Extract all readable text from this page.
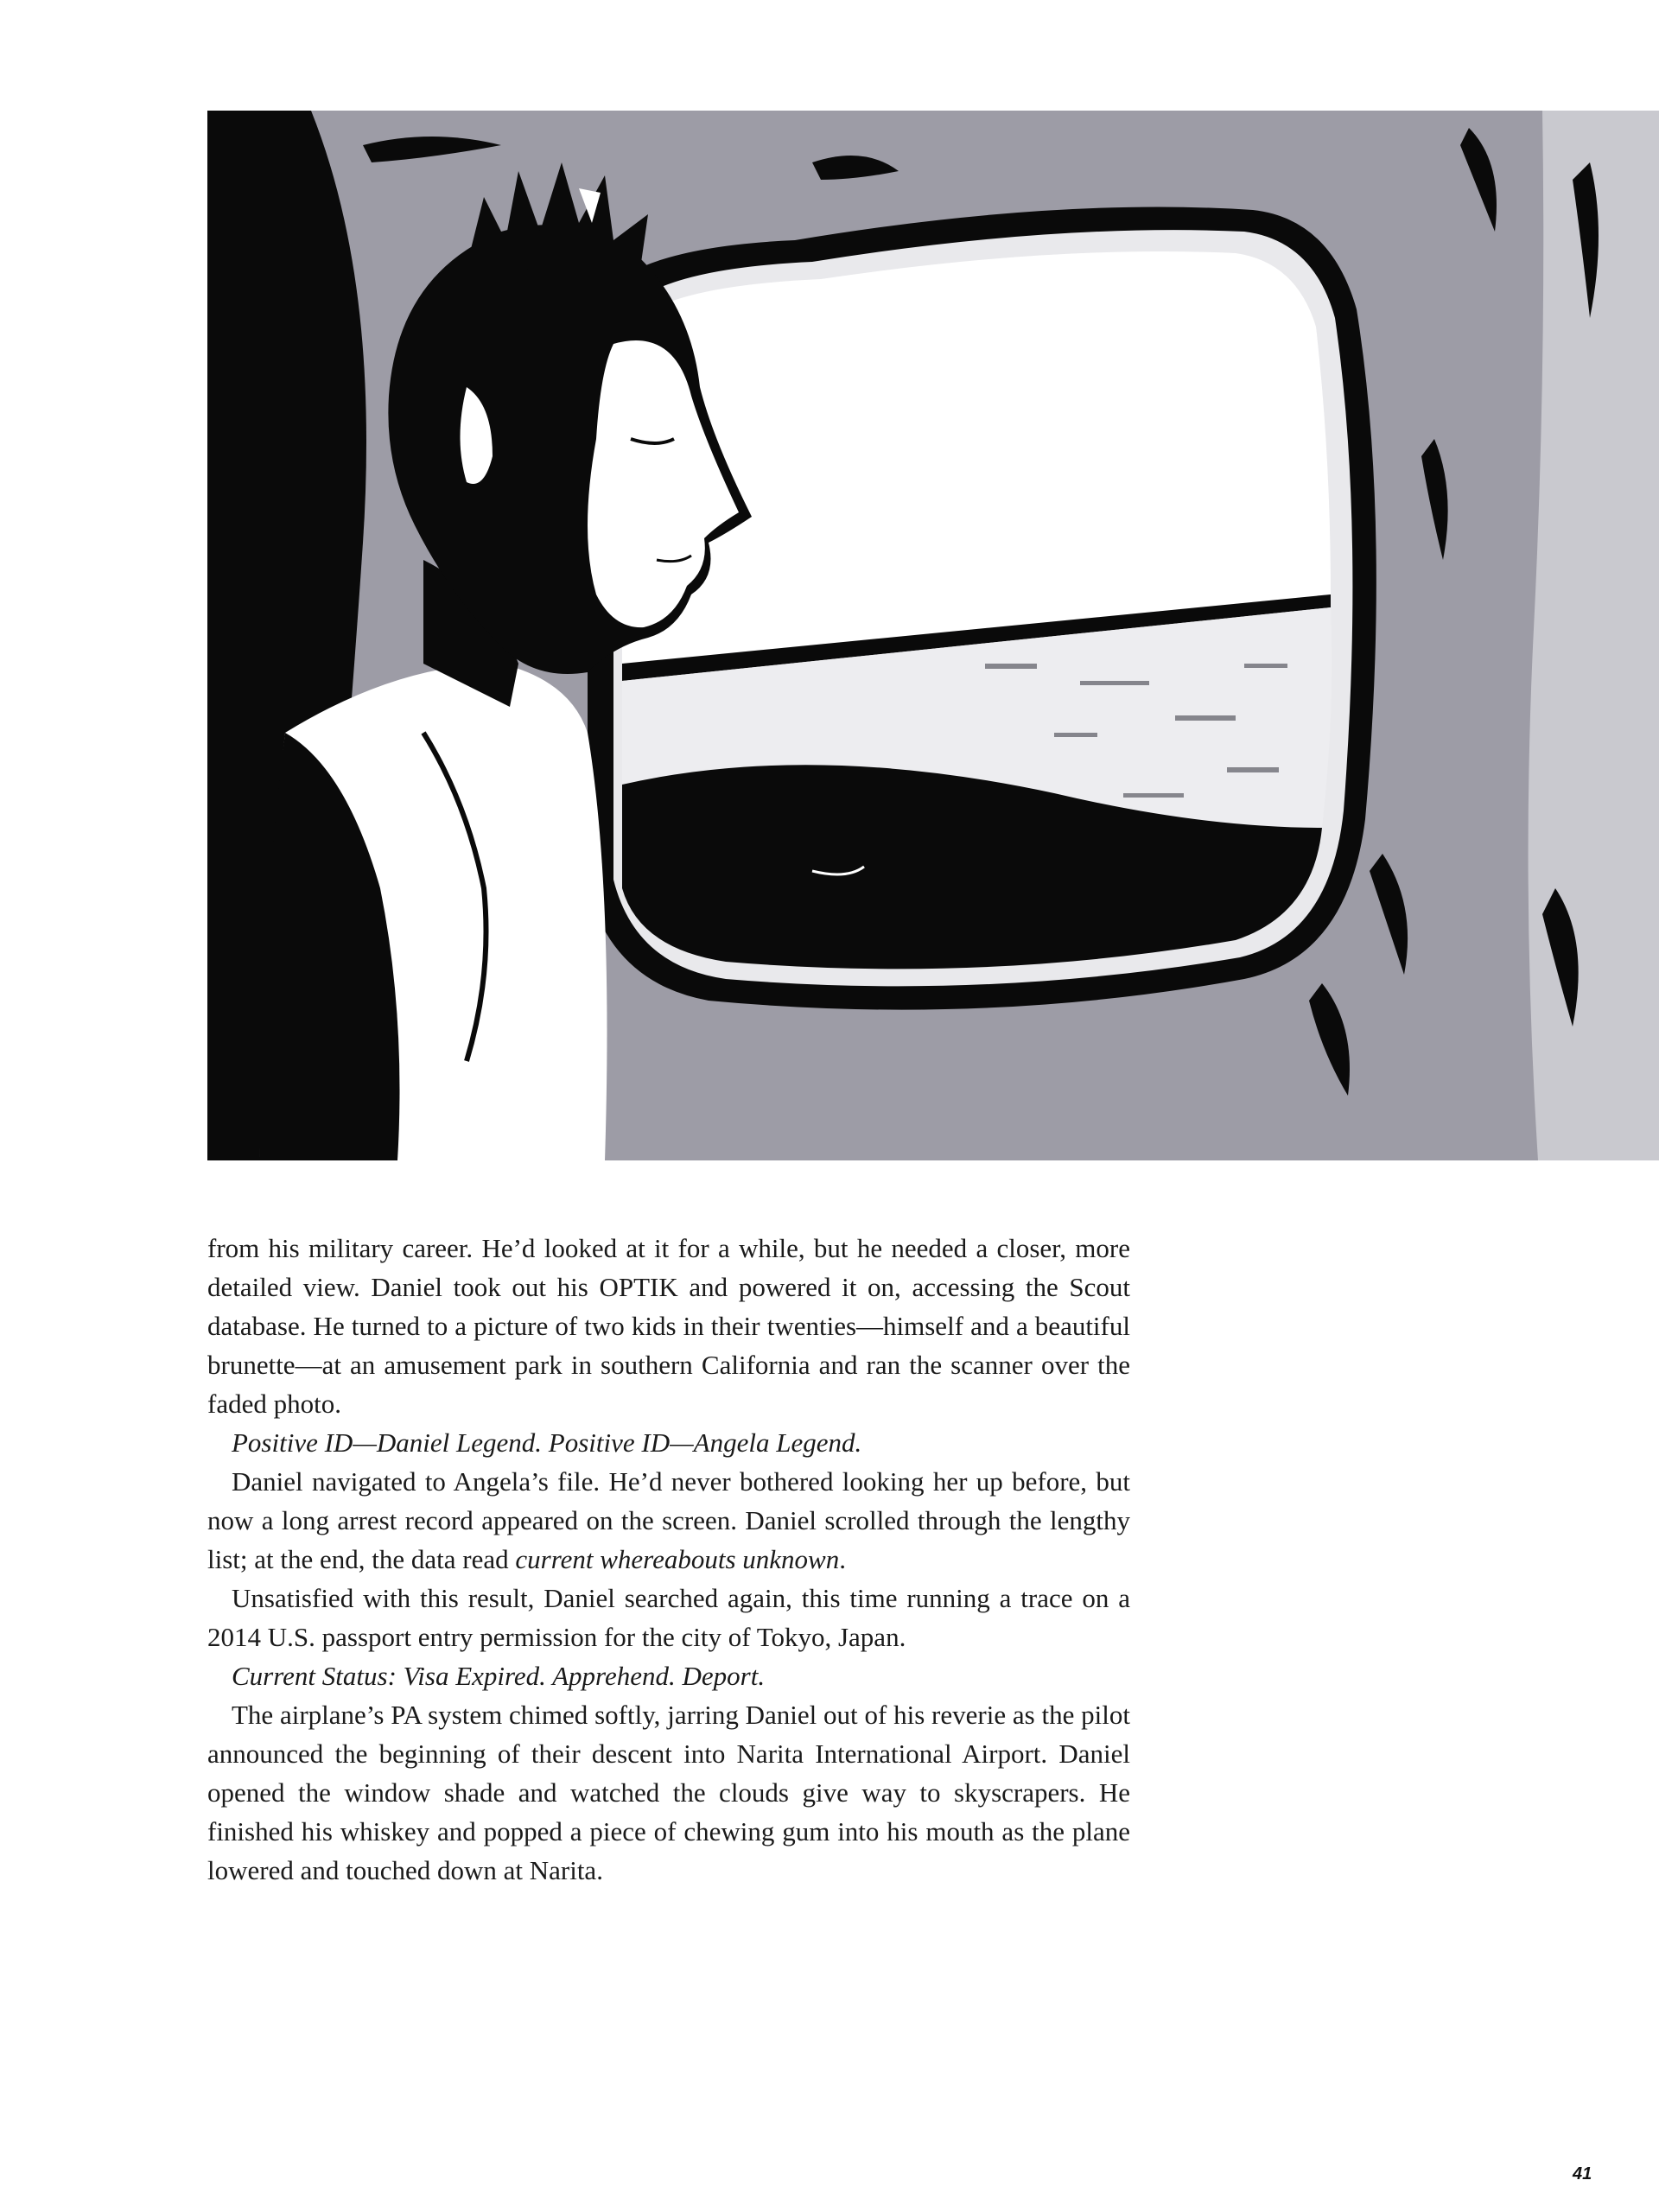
from his military career. He’d looked at it for a while, but he needed a closer, more detailed view. Daniel took out his OPTIK and powered it on, accessing the Scout database. He turned to a picture of two kids in their twenties—himself and a beautiful brunette—at an amusement park in southern California and ran the scanner over the faded photo.

Positive ID—Daniel Legend. Positive ID—Angela Legend.

Daniel navigated to Angela’s file. He’d never bothered looking her up before, but now a long arrest record appeared on the screen. Daniel scrolled through the lengthy list; at the end, the data read current whereabouts unknown.

Unsatisfied with this result, Daniel searched again, this time running a trace on a 2014 U.S. passport entry permission for the city of Tokyo, Japan.

Current Status: Visa Expired. Apprehend. Deport.

The airplane’s PA system chimed softly, jarring Daniel out of his reverie as the pilot announced the beginning of their descent into Narita International Airport. Daniel opened the window shade and watched the clouds give way to skyscrapers. He finished his whiskey and popped a piece of chewing gum into his mouth as the plane lowered and touched down at Narita.

41
